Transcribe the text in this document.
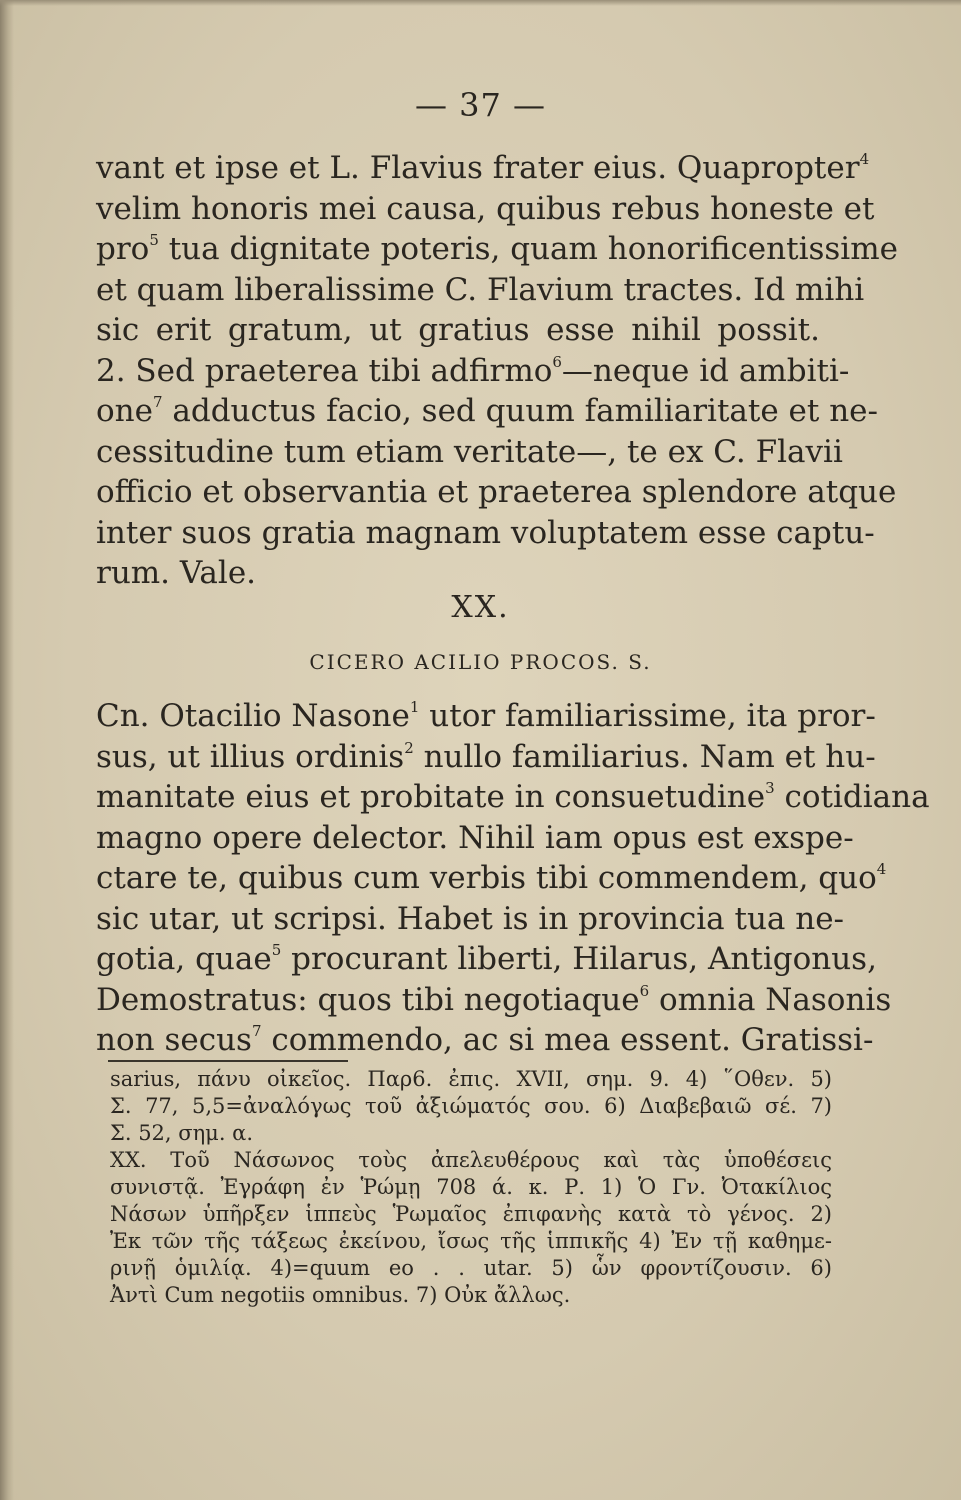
— 37 —
vant et ipse et L. Flavius frater eius. Quapropter$^4$
velim honoris mei causa, quibus rebus honeste et
pro$^5$ tua dignitate poteris, quam honorificentissime
et quam liberalissime C. Flavium tractes. Id mihi
sic erit gratum, ut gratius esse nihil possit.
2. Sed praeterea tibi adfirmo$^6$—neque id ambiti-
one$^7$ adductus facio, sed quum familiaritate et ne-
cessitudine tum etiam veritate—, te ex C. Flavii
officio et observantia et praeterea splendore atque
inter suos gratia magnam voluptatem esse captu-
rum. Vale.
XX.
CICERO ACILIO PROCOS. S.
Cn. Otacilio Nasone$^1$ utor familiarissime, ita pror-
sus, ut illius ordinis$^2$ nullo familiarius. Nam et hu-
manitate eius et probitate in consuetudine$^3$ cotidiana
magno opere delector. Nihil iam opus est exspe-
ctare te, quibus cum verbis tibi commendem, quo$^4$
sic utar, ut scripsi. Habet is in provincia tua ne-
gotia, quae$^5$ procurant liberti, Hilarus, Antigonus,
Demostratus: quos tibi negotiaque$^6$ omnia Nasonis
non secus$^7$ commendo, ac si mea essent. Gratissi-
sarius, πάνυ οἰκεῖος. Παρ6. ἐπις. XVII, σημ. 9. 4) ῞Οθεν. 5)
Σ. 77, 5,5=ἀναλόγως τοῦ ἀξιώματός σου. 6) Διαβεβαιῶ σέ. 7)
Σ. 52, σημ. α.
XX. Τοῦ Νάσωνος τοὺς ἀπελευθέρους καὶ τὰς ὑποθέσεις
συνιστᾷ. Ἐγράφη ἐν Ῥώμῃ 708 ά. κ. Ρ. 1) Ὁ Γν. Ὀτακίλιος
Νάσων ὑπῆρξεν ἱππεὺς Ῥωμαῖος ἐπιφανὴς κατὰ τὸ γένος. 2)
Ἐκ τῶν τῆς τάξεως ἐκείνου, ἴσως τῆς ἱππικῆς 4) Ἐν τῇ καθημε-
ρινῇ ὁμιλίᾳ. 4)=quum eo . . utar. 5) ὧν φροντίζουσιν. 6)
Ἀντὶ Cum negotiis omnibus. 7) Οὐκ ἄλλως.
